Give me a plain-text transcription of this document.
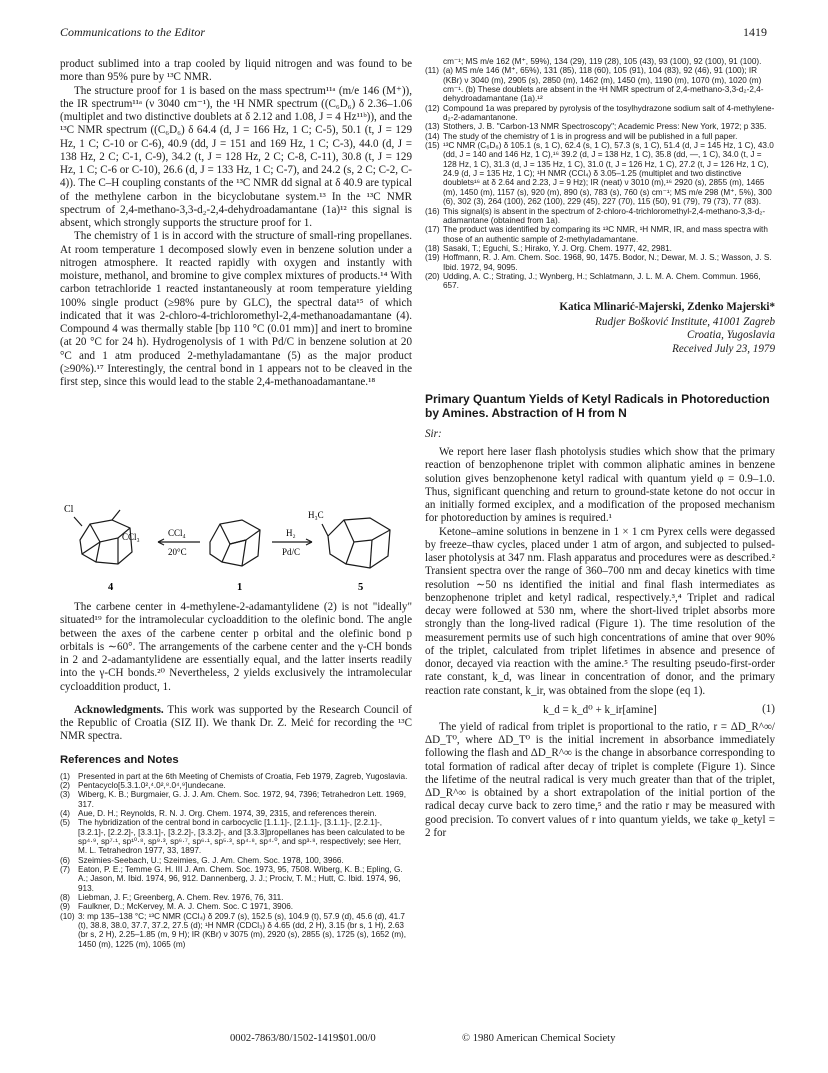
Communications to the Editor	1419

product sublimed into a trap cooled by liquid nitrogen and was found to be more than 95% pure by ¹³C NMR.

The structure proof for 1 is based on the mass spectrum¹¹ᵃ (m/e 146 (M⁺)), the IR spectrum¹¹ᵃ (ν 3040 cm⁻¹), the ¹H NMR spectrum ((C₆D₆) δ 2.36–1.06 (multiplet and two distinctive doublets at δ 2.12 and 1.08, J = 4 Hz¹¹ᵇ)), and the ¹³C NMR spectrum ((C₆D₆) δ 64.4 (d, J = 166 Hz, 1 C; C-5), 50.1 (t, J = 129 Hz, 1 C; C-10 or C-6), 40.9 (dd, J = 151 and 169 Hz, 1 C; C-3), 44.0 (d, J = 138 Hz, 2 C; C-1, C-9), 34.2 (t, J = 128 Hz, 2 C; C-8, C-11), 30.8 (t, J = 129 Hz, 1 C; C-6 or C-10), 26.6 (d, J = 133 Hz, 1 C; C-7), and 24.2 (s, 2 C; C-2, C-4)). The C–H coupling constants of the ¹³C NMR dd signal at δ 40.9 are typical of the methylene carbon in the bicyclobutane system.¹³ In the ¹³C NMR spectrum of 2,4-methano-3,3-d₂-2,4-dehydroadamantane (1a)¹² this signal is absent, which strongly supports the structure proof for 1.

The chemistry of 1 is in accord with the structure of small-ring propellanes. At room temperature 1 decomposed slowly even in benzene solution under a nitrogen atmosphere. It reacted rapidly with oxygen and instantly with moisture, methanol, and bromine to give complex mixtures of products.¹⁴ With carbon tetrachloride 1 reacted instantaneously at room temperature yielding 100% single product (≥98% pure by GLC), the spectral data¹⁵ of which indicated that it was 2-chloro-4-trichloromethyl-2,4-methanoadamantane (4). Compound 4 was thermally stable [bp 110 °C (0.01 mm)] and inert to bromine (at 20 °C for 24 h). Hydrogenolysis of 1 with Pd/C in benzene solution at 20 °C and 1 atm produced 2-methyladamantane (5) as the major product (≥90%).¹⁷ Interestingly, the central bond in 1 appears not to be cleaved in the first step, since this would lead to the stable 2,4-methanoadamantane.¹⁸

Cl
CCl₃	CCl₄
20°C
H₂
Pd/C
H₃C
4	1	5

The carbene center in 4-methylene-2-adamantylidene (2) is not "ideally" situated¹⁹ for the intramolecular cycloaddition to the olefinic bond. The angle between the axes of the carbene center p orbital and the olefinic bond p orbitals is ∼60°. The arrangements of the carbene center and the γ-CH bonds in 2 and 2-adamantylidene are essentially equal, and the latter inserts readily into the γ-CH bonds.²⁰ Nevertheless, 2 yields exclusively the intramolecular cycloaddition product, 1.

Acknowledgments. This work was supported by the Research Council of the Republic of Croatia (SIZ II). We thank Dr. Z. Meić for recording the ¹³C NMR spectra.

References and Notes
(1) Presented in part at the 6th Meeting of Chemists of Croatia, Feb 1979, Zagreb, Yugoslavia.
(2) Pentacyclo[5.3.1.0²,⁴.0²,⁸.0⁴,⁹]undecane.
(3) Wiberg, K. B.; Burgmaier, G. J. J. Am. Chem. Soc. 1972, 94, 7396; Tetrahedron Lett. 1969, 317.
(4) Aue, D. H.; Reynolds, R. N. J. Org. Chem. 1974, 39, 2315, and references therein.
(5) The hybridization of the central bond in carbocyclic [1.1.1]-, [2.1.1]-, [3.1.1]-, [2.2.1]-, [3.2.1]-, [2.2.2]-, [3.3.1]-, [3.2.2]-, [3.3.2]-, and [3.3.3]propellanes has been calculated to be sp⁴·⁹, sp⁷·¹, sp¹⁰·⁸, sp⁹·³, sp⁶·⁷, sp⁶·¹, sp⁵·³, sp⁴·⁸, sp⁴·⁰, and sp³·⁸, respectively; see Herr, M. L. Tetrahedron 1977, 33, 1897.
(6) Szeimies-Seebach, U.; Szeimies, G. J. Am. Chem. Soc. 1978, 100, 3966.
(7) Eaton, P. E.; Temme G. H. III J. Am. Chem. Soc. 1973, 95, 7508. Wiberg, K. B.; Epling, G. A.; Jason, M. Ibid. 1974, 96, 912. Dannenberg, J. J.; Prociv, T. M.; Hutt, C. Ibid. 1974, 96, 913.
(8) Liebman, J. F.; Greenberg, A. Chem. Rev. 1976, 76, 311.
(9) Faulkner, D.; McKervey, M. A. J. Chem. Soc. C 1971, 3906.
(10) 3: mp 135–138 °C; ¹³C NMR (CCl₄) δ 209.7 (s), 152.5 (s), 104.9 (t), 57.9 (d), 45.6 (d), 41.7 (t), 38.8, 38.0, 37.7, 37.2, 27.5 (d); ¹H NMR (CDCl₃) δ 4.65 (dd, 2 H), 3.15 (br s, 1 H), 2.63 (br s, 2 H), 2.25–1.85 (m, 9 H); IR (KBr) ν 3075 (m), 2920 (s), 2855 (s), 1725 (s), 1652 (m), 1450 (m), 1225 (m), 1065 (m)
cm⁻¹; MS m/e 162 (M⁺, 59%), 134 (29), 119 (28), 105 (43), 93 (100), 92 (100), 91 (100).
(11) (a) MS m/e 146 (M⁺, 65%), 131 (85), 118 (60), 105 (91), 104 (83), 92 (46), 91 (100); IR (KBr) ν 3040 (m), 2905 (s), 2850 (m), 1462 (m), 1450 (m), 1190 (m), 1070 (m), 1020 (m) cm⁻¹. (b) These doublets are absent in the ¹H NMR spectrum of 2,4-methano-3,3-d₂-2,4-dehydroadamantane (1a).¹²
(12) Compound 1a was prepared by pyrolysis of the tosylhydrazone sodium salt of 4-methylene-d₂-2-adamantanone.
(13) Stothers, J. B. "Carbon-13 NMR Spectroscopy"; Academic Press: New York, 1972; p 335.
(14) The study of the chemistry of 1 is in progress and will be published in a full paper.
(15) ¹³C NMR (C₆D₆) δ 105.1 (s, 1 C), 62.4 (s, 1 C), 57.3 (s, 1 C), 51.4 (d, J = 145 Hz, 1 C), 43.0 (dd, J = 140 and 146 Hz, 1 C),¹⁶ 39.2 (d, J = 138 Hz, 1 C), 35.8 (dd, —, 1 C), 34.0 (t, J = 128 Hz, 1 C), 31.3 (d, J = 135 Hz, 1 C), 31.0 (t, J = 126 Hz, 1 C), 27.2 (t, J = 126 Hz, 1 C), 24.9 (d, J = 135 Hz, 1 C); ¹H NMR (CCl₄) δ 3.05–1.25 (multiplet and two distinctive doublets¹⁶ at δ 2.64 and 2.23, J = 9 Hz); IR (neat) ν 3010 (m),¹⁶ 2920 (s), 2855 (m), 1465 (m), 1450 (m), 1157 (s), 920 (m), 890 (s), 783 (s), 760 (s) cm⁻¹; MS m/e 298 (M⁺, 5%), 300 (6), 302 (3), 264 (100), 262 (100), 229 (45), 227 (70), 115 (50), 91 (79), 79 (73), 77 (83).
(16) This signal(s) is absent in the spectrum of 2-chloro-4-trichloromethyl-2,4-methano-3,3-d₂-adamantane (obtained from 1a).
(17) The product was identified by comparing its ¹³C NMR, ¹H NMR, IR, and mass spectra with those of an authentic sample of 2-methyladamantane.
(18) Sasaki, T.; Eguchi, S.; Hirako, Y. J. Org. Chem. 1977, 42, 2981.
(19) Hoffmann, R. J. Am. Chem. Soc. 1968, 90, 1475. Bodor, N.; Dewar, M. J. S.; Wasson, J. S. Ibid. 1972, 94, 9095.
(20) Udding, A. C.; Strating, J.; Wynberg, H.; Schlatmann, J. L. M. A. Chem. Commun. 1966, 657.
Katica Mlinarić-Majerski, Zdenko Majerski*
Rudjer Bošković Institute, 41001 Zagreb
Croatia, Yugoslavia
Received July 23, 1979
Primary Quantum Yields of Ketyl Radicals in Photoreduction by Amines. Abstraction of H from N
Sir:

We report here laser flash photolysis studies which show that the primary reaction of benzophenone triplet with common aliphatic amines in benzene solution gives benzophenone ketyl radical with quantum yield φ = 0.9–1.0. Thus, significant quenching and return to ground-state ketone do not occur in an initially formed exciplex, and a modification of the proposed mechanism for photoreduction by amines is required.¹

Ketone–amine solutions in benzene in 1 × 1 cm Pyrex cells were degassed by freeze–thaw cycles, placed under 1 atm of argon, and subjected to pulsed-laser photolysis at 347 nm. Flash apparatus and procedures were as described.² Transient spectra over the range of 360–700 nm and decay kinetics with time resolution ∼50 ns identified the initial and final flash intermediates as benzophenone triplet and ketyl radical, respectively.³,⁴ Triplet and radical decay were followed at 530 nm, where the short-lived triplet absorbs more strongly than the long-lived radical (Figure 1). The time resolution of the measurement permits use of such high concentrations of amine that over 90% of the triplet, calculated from triplet lifetimes in absence and presence of donor, decayed via reaction with the amine.⁵ The resulting pseudo-first-order rate constant, k_d, was linear in concentration of donor, and the primary reaction rate constant, k_ir, was obtained from the slope (eq 1).

k_d = k_d⁰ + k_ir[amine]	(1)

The yield of radical from triplet is proportional to the ratio, r = ΔD_R^∞/ΔD_T⁰, where ΔD_T⁰ is the initial increment in absorbance immediately following the flash and ΔD_R^∞ is the change in absorbance corresponding to total formation of radical after decay of triplet is complete (Figure 1). Since the lifetime of the neutral radical is very much greater than that of the triplet, ΔD_R^∞ is obtained by a short extrapolation of the initial portion of the radical decay curve back to zero time,⁵ and the ratio r may be measured with good precision. To convert values of r into quantum yields, we take φ_ketyl = 2 for

0002-7863/80/1502-1419$01.00/0	© 1980 American Chemical Society
